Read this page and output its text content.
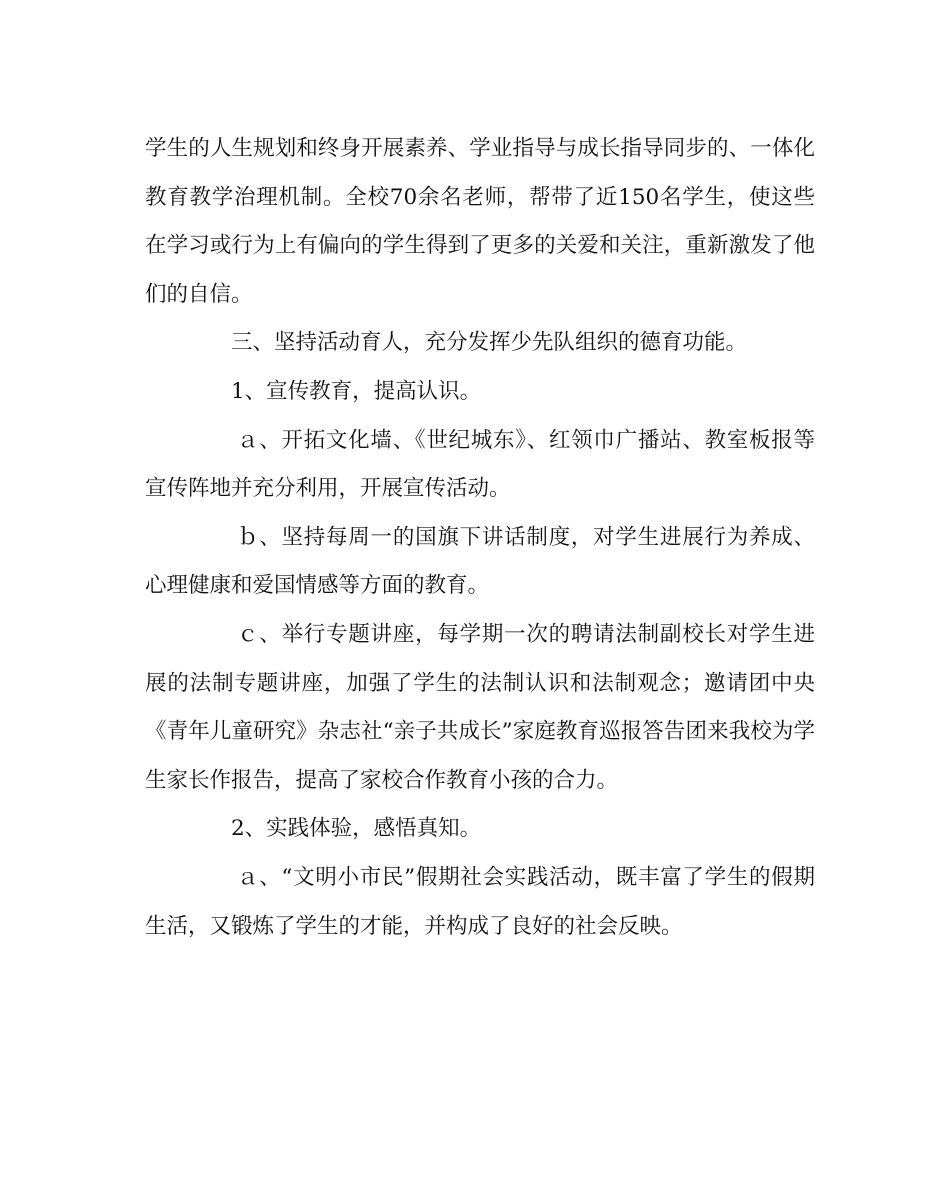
学生的人生规划和终身开展素养、学业指导与成长指导同步的、一体化教育教学治理机制。全校70余名老师，帮带了近150名学生，使这些在学习或行为上有偏向的学生得到了更多的关爱和关注，重新激发了他们的自信。

三、坚持活动育人，充分发挥少先队组织的德育功能。

1、宣传教育，提高认识。

ａ、开拓文化墙、《世纪城东》、红领巾广播站、教室板报等宣传阵地并充分利用，开展宣传活动。

ｂ、坚持每周一的国旗下讲话制度，对学生进展行为养成、心理健康和爱国情感等方面的教育。

ｃ、举行专题讲座，每学期一次的聘请法制副校长对学生进展的法制专题讲座，加强了学生的法制认识和法制观念；邀请团中央《青年儿童研究》杂志社“亲子共成长”家庭教育巡报答告团来我校为学生家长作报告，提高了家校合作教育小孩的合力。

2、实践体验，感悟真知。

ａ、“文明小市民”假期社会实践活动，既丰富了学生的假期生活，又锻炼了学生的才能，并构成了良好的社会反映。
